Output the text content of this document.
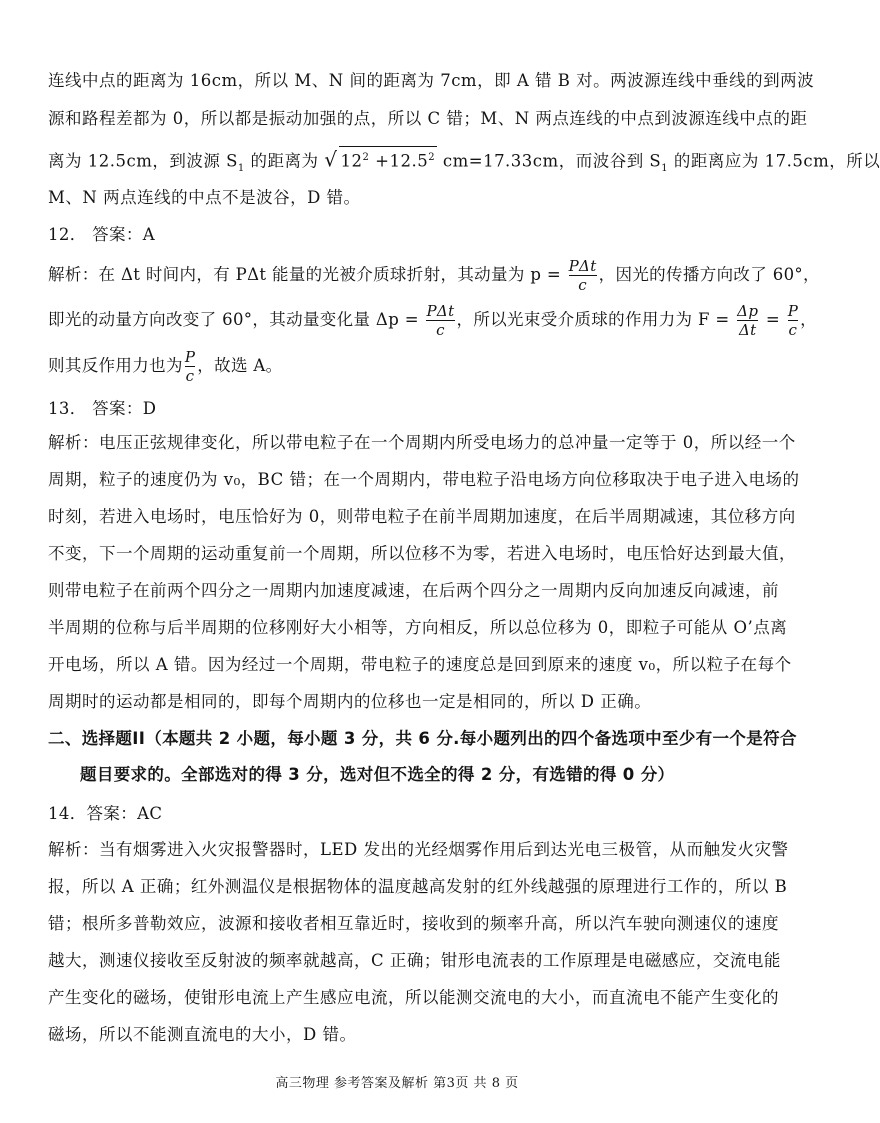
连线中点的距离为 16cm，所以 M、N 间的距离为 7cm，即 A 错 B 对。两波源连线中垂线的到两波
源和路程差都为 0，所以都是振动加强的点，所以 C 错；M、N 两点连线的中点到波源连线中点的距
离为 12.5cm，到波源 $S_1$ 的距离为 √ $12^2 +12.5^2$ cm=17.33cm，而波谷到 $S_1$ 的距离应为 17.5cm，所以
M、N 两点连线的中点不是波谷，D 错。
12． 答案：A
解析：在 Δt 时间内，有 PΔt 能量的光被介质球折射，其动量为 $p = \frac{\text{PΔt}}{c}$ ，因光的传播方向改了 60°，
即光的动量方向改变了 60°，其动量变化量 $\Delta p = \frac{\text{PΔt}}{c}$ ，所以光束受介质球的作用力为 $F = \frac{\Delta p}{\Delta t} = \frac{P}{c}$ ，
则其反作用力也为 $\frac{P}{c}$ ，故选 A。
13． 答案：D
解析：电压正弦规律变化，所以带电粒子在一个周期内所受电场力的总冲量一定等于 0，所以经一个
周期，粒子的速度仍为 v₀，BC 错；在一个周期内，带电粒子沿电场方向位移取决于电子进入电场的
时刻，若进入电场时，电压恰好为 0，则带电粒子在前半周期加速度，在后半周期减速，其位移方向
不变，下一个周期的运动重复前一个周期，所以位移不为零，若进入电场时，电压恰好达到最大值，
则带电粒子在前两个四分之一周期内加速度减速，在后两个四分之一周期内反向加速反向减速，前
半周期的位称与后半周期的位移刚好大小相等，方向相反，所以总位移为 0，即粒子可能从 O’点离
开电场，所以 A 错。因为经过一个周期，带电粒子的速度总是回到原来的速度 v₀，所以粒子在每个
周期时的运动都是相同的，即每个周期内的位移也一定是相同的，所以 D 正确。
二、选择题II（本题共 2 小题，每小题 3 分，共 6 分.每小题列出的四个备选项中至少有一个是符合
题目要求的。全部选对的得 3 分，选对但不选全的得 2 分，有选错的得 0 分）
14．答案：AC
解析：当有烟雾进入火灾报警器时，LED 发出的光经烟雾作用后到达光电三极管，从而触发火灾警
报，所以 A 正确；红外测温仪是根据物体的温度越高发射的红外线越强的原理进行工作的，所以 B
错；根所多普勒效应，波源和接收者相互靠近时，接收到的频率升高，所以汽车驶向测速仪的速度
越大，测速仪接收至反射波的频率就越高，C 正确；钳形电流表的工作原理是电磁感应，交流电能
产生变化的磁场，使钳形电流上产生感应电流，所以能测交流电的大小，而直流电不能产生变化的
磁场，所以不能测直流电的大小，D 错。
高三物理 参考答案及解析 第3页 共 8 页
